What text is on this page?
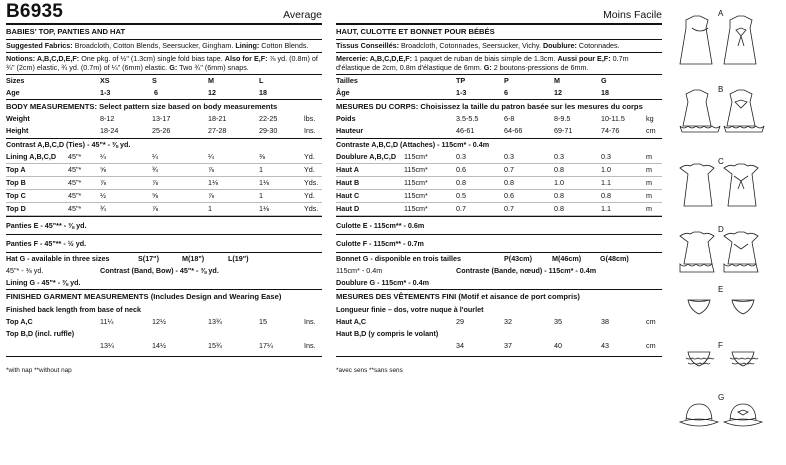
B6935	Average
BABIES' TOP, PANTIES AND HAT
Suggested Fabrics: Broadcloth, Cotton Blends, Seersucker, Gingham. Lining: Cotton Blends.
Notions: A,B,C,D,E,F: One pkg. of ½" (1.3cm) single fold bias tape. Also for E,F: ⅞ yd. (0.8m) of
¾" (2cm) elastic, ¾ yd. (0.7m) of ¼" (6mm) elastic. G: Two ¾" (6mm) snaps.
Sizes	XS	S	M	L
Age	1-3	6	12	18
BODY MEASUREMENTS: Select pattern size based on body measurements
Weight	8-12	13-17	18-21	22-25	lbs.
Height	18-24	25-26	27-28	29-30	Ins.
Contrast A,B,C,D (Ties) - 45"* - ⅜ yd.
Lining A,B,C,D 45"*	¼	¼	¼	⅜	Yd.
Top A	45"*	⅝	¾	⅞	1	Yd.
Top B	45"*	⅞	⅞	1⅛	1⅛	Yds.
Top C	45"*	½	⅝	⅞	1	Yd.
Top D	45"*	¾	⅞	1	1⅛	Yds.
Panties E - 45"** - ⅜ yd.
Panties F - 45"** - ½ yd.
Hat G - available in three sizes	S(17")	M(18")	L(19")
45"* - ⅜ yd.	Contrast (Band, Bow) - 45"* - ⅜ yd.
Lining G - 45"* - ⅜ yd.
FINISHED GARMENT MEASUREMENTS (Includes Design and Wearing Ease)
Finished back length from base of neck
Top A,C	11¼	12½	13¾	15	Ins.
Top B,D (incl. ruffle)
13¼	14½	15¾	17¼	Ins.
*with nap **without nap
Moins Facile
HAUT, CULOTTE ET BONNET POUR BÉBÉS
Tissus Conseillés: Broadcloth, Cotonnades, Seersucker, Vichy. Doublure: Cotonnades.
Mercerie: A,B,C,D,E,F: 1 paquet de ruban de biais simple de 1.3cm. Aussi pour E,F: 0.7m
d'élastique de 2cm, 0.8m d'élastique de 6mm. G: 2 boutons-pressions de 6mm.
Tailles	TP	P	M	G
Âge	1-3	6	12	18
MESURES DU CORPS: Choisissez la taille du patron basée sur les mesures du corps
Poids	3.5-5.5	6-8	8-9.5	10-11.5	kg
Hauteur	46-61	64-66	69-71	74-76	cm
Contraste A,B,C,D (Attaches) - 115cm* - 0.4m
Doublure A,B,C,D 115cm*	0.3	0.3	0.3	0.3	m
Haut A	115cm*	0.6	0.7	0.8	1.0	m
Haut B	115cm*	0.8	0.8	1.0	1.1	m
Haut C	115cm*	0.5	0.6	0.8	0.8	m
Haut D	115cm*	0.7	0.7	0.8	1.1	m
Culotte E - 115cm** - 0.6m
Culotte F - 115cm** - 0.7m
Bonnet G - disponible en trois tailles	P(43cm)	M(46cm)	G(48cm)
115cm* - 0.4m	Contraste (Bande, nœud) - 115cm* - 0.4m
Doublure G - 115cm* - 0.4m
MESURES DES VÊTEMENTS FINI (Motif et aisance de port compris)
Longueur finie – dos, votre nuque à l'ourlet
Haut A,C	29	32	35	38	cm
Haut B,D (y compris le volant)
34	37	40	43	cm
*avec sens **sans sens
A
B
C
D
E
F
G
